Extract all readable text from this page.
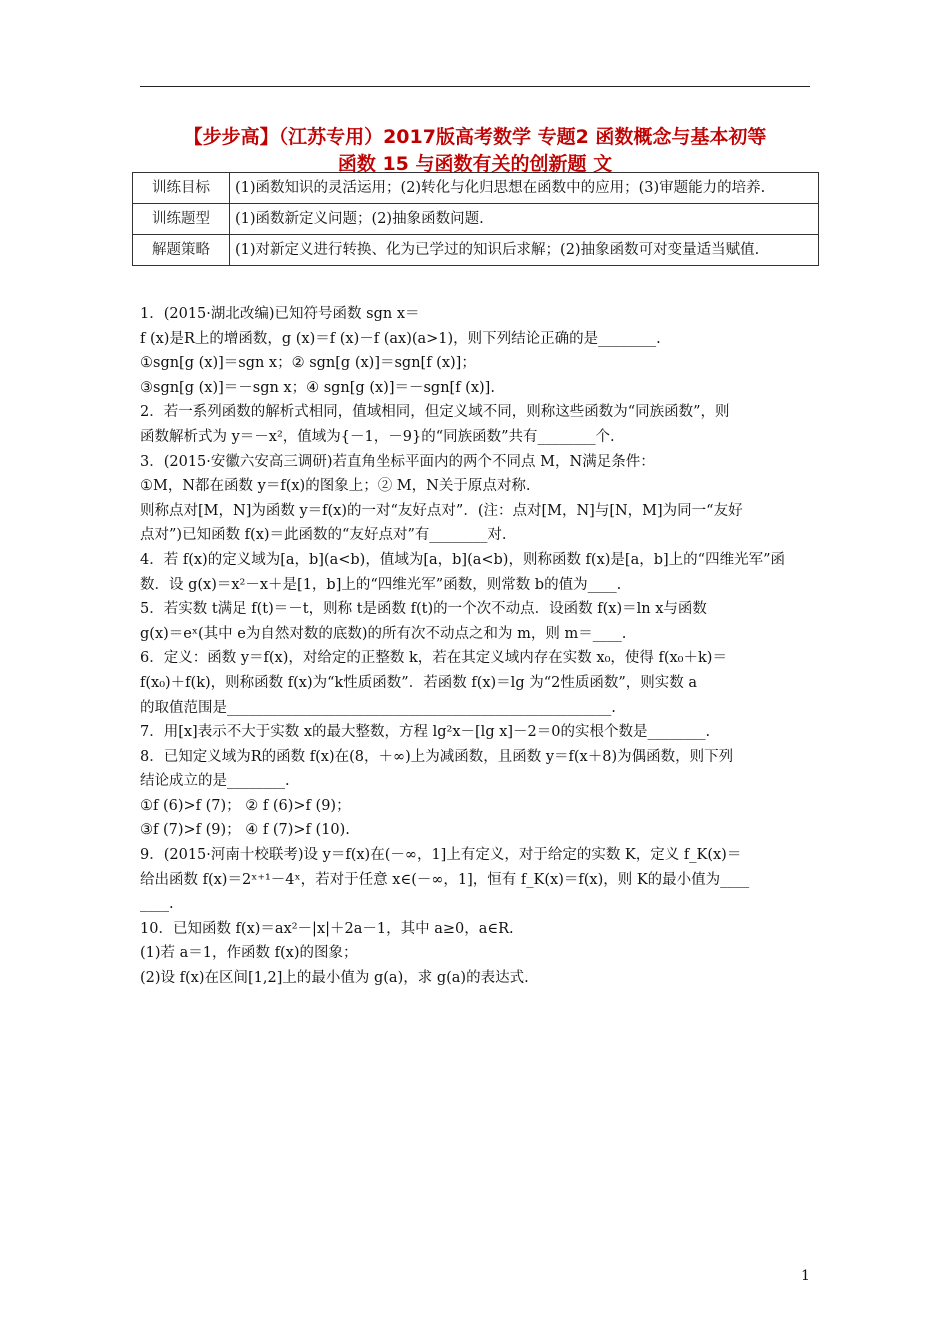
【步步高】（江苏专用）2017版高考数学 专题2 函数概念与基本初等
函数 15 与函数有关的创新题 文
训练目标	(1)函数知识的灵活运用；(2)转化与化归思想在函数中的应用；(3)审题能力的培养.
训练题型	(1)函数新定义问题；(2)抽象函数问题.
解题策略	(1)对新定义进行转换、化为已学过的知识后求解；(2)抽象函数可对变量适当赋值.

1．(2015·湖北改编)已知符号函数 sgn x＝

f (x)是R上的增函数，g (x)＝f (x)－f (ax)(a>1)，则下列结论正确的是________.

①sgn[g (x)]＝sgn x；② sgn[g (x)]＝sgn[f (x)]；

③sgn[g (x)]＝－sgn x；④ sgn[g (x)]＝－sgn[f (x)].

2．若一系列函数的解析式相同，值域相同，但定义域不同，则称这些函数为“同族函数”，则

函数解析式为 y＝－x²，值域为{－1，－9}的“同族函数”共有________个.

3．(2015·安徽六安高三调研)若直角坐标平面内的两个不同点 M，N满足条件：

①M，N都在函数 y＝f(x)的图象上；② M，N关于原点对称.

则称点对[M，N]为函数 y＝f(x)的一对“友好点对”．(注：点对[M，N]与[N，M]为同一“友好

点对”)已知函数 f(x)＝此函数的“友好点对”有________对.

4．若 f(x)的定义域为[a，b](a<b)，值域为[a，b](a<b)，则称函数 f(x)是[a，b]上的“四维光军”函

数．设 g(x)＝x²－x＋是[1，b]上的“四维光军”函数，则常数 b的值为____.

5．若实数 t满足 f(t)＝－t，则称 t是函数 f(t)的一个次不动点．设函数 f(x)＝ln x与函数

g(x)＝eˣ(其中 e为自然对数的底数)的所有次不动点之和为 m，则 m＝____.

6．定义：函数 y＝f(x)，对给定的正整数 k，若在其定义域内存在实数 x₀，使得 f(x₀＋k)＝

f(x₀)＋f(k)，则称函数 f(x)为“k性质函数”．若函数 f(x)＝lg 为“2性质函数”，则实数 a

的取值范围是_____________________________________________________.

7．用[x]表示不大于实数 x的最大整数，方程 lg²x－[lg x]－2＝0的实根个数是________.

8．已知定义域为R的函数 f(x)在(8，＋∞)上为减函数，且函数 y＝f(x＋8)为偶函数，则下列

结论成立的是________.

①f (6)>f (7)； ② f (6)>f (9)；

③f (7)>f (9)； ④ f (7)>f (10).

9．(2015·河南十校联考)设 y＝f(x)在(－∞，1]上有定义，对于给定的实数 K，定义 f_K(x)＝

给出函数 f(x)＝2ˣ⁺¹－4ˣ，若对于任意 x∈(－∞，1]，恒有 f_K(x)＝f(x)，则 K的最小值为____

____.

10．已知函数 f(x)＝ax²－|x|＋2a－1，其中 a≥0，a∈R.

(1)若 a＝1，作函数 f(x)的图象；

(2)设 f(x)在区间[1,2]上的最小值为 g(a)，求 g(a)的表达式.

1
